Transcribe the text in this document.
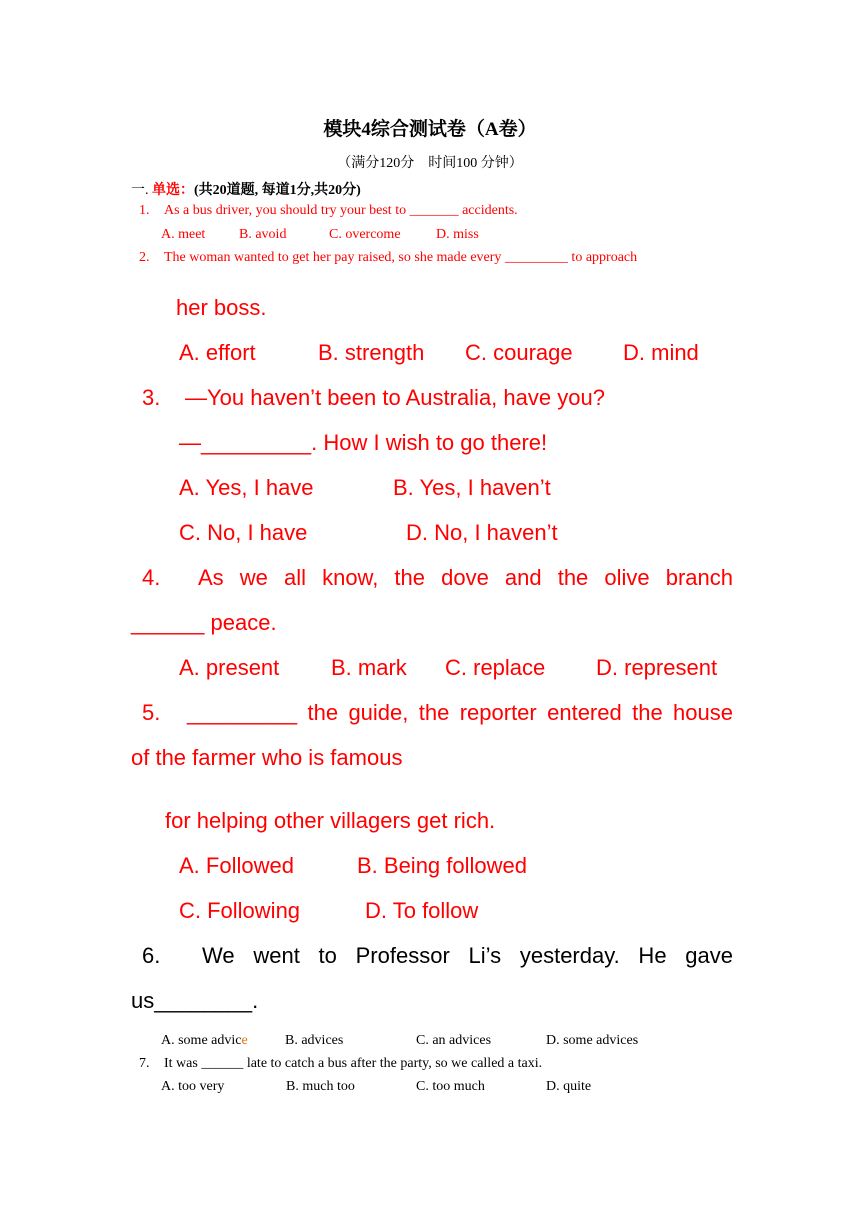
模块4综合测试卷（A卷）
（满分120分　时间100 分钟）
一. 单选：(共20道题, 每道1分,共20分)
1. As a bus driver, you should try your best to _______ accidents.
A. meet B. avoid	C. overcome	D. miss
2. The woman wanted to get her pay raised, so she made every _________ to approach
her boss.
A. effort	B. strength C. courage D. mind
3. —You haven’t been to Australia, have you?
—_________. How I wish to go there!
A. Yes, I have	B. Yes, I haven’t
C. No, I have	D. No, I haven’t
4. As we all know, the dove and the olive branch
______ peace.
A. present B. mark C. replace D. represent
5. _________ the guide, the reporter entered the house
of the farmer who is famous
for helping other villagers get rich.
A. Followed	B. Being followed
C. Following	D. To follow
6. We went to Professor Li’s yesterday. He gave
us________.
A. some advice	B. advices	C. an advices	D. some advices
7. It was ______ late to catch a bus after the party, so we called a taxi.
A. too very	B. much too	C. too much	D. quite
